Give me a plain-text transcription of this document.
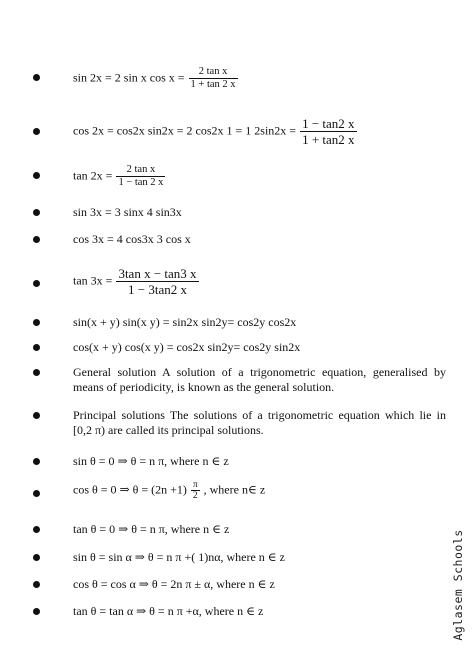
sin 2x = 2 sin x $\cos x = \frac{\text{2 tan x}}{1 + \tan 2 x}$
cos 2x = cos2x sin2x = 2 cos2x 1 = 1 $2\sin 2x = \frac{1 - \tan 2 x}{1 + \tan 2 x}$
$\tan 2x = \frac{\text{2 tan x}}{1 - \tan 2 x}$
sin 3x = 3 sinx 4 sin3x
cos 3x = 4 cos3x 3 cos x
$\tan 3x = \frac{\text{3tan x − tan3 x}}{1 - 3\tan 2 x}$
sin(x + y) sin(x y) = sin2x sin2y= cos2y cos2x
cos(x + y) cos(x y) = cos2x sin2y= cos2y sin2x
General solution A solution of a trigonometric equation, generalised by means of periodicity, is known as the general solution.
Principal solutions The solutions of a trigonometric equation which lie in [0,2 π) are called its principal solutions.
sin θ = 0 ⇒ θ = n π, where n ∈ z
cos θ = 0 ⇒ $\theta = (2n +1) \frac{\pi}{2}$ , where n∈ z
tan θ = 0 ⇒ θ = n π, where n ∈ z
sin θ = sin α ⇒ θ = n π +( 1)nα, where n ∈ z
cos θ = cos α ⇒ θ = 2n π ± α, where n ∈ z
tan θ = tan α ⇒ θ = n π +α, where n ∈ z	Aglasem Schools
